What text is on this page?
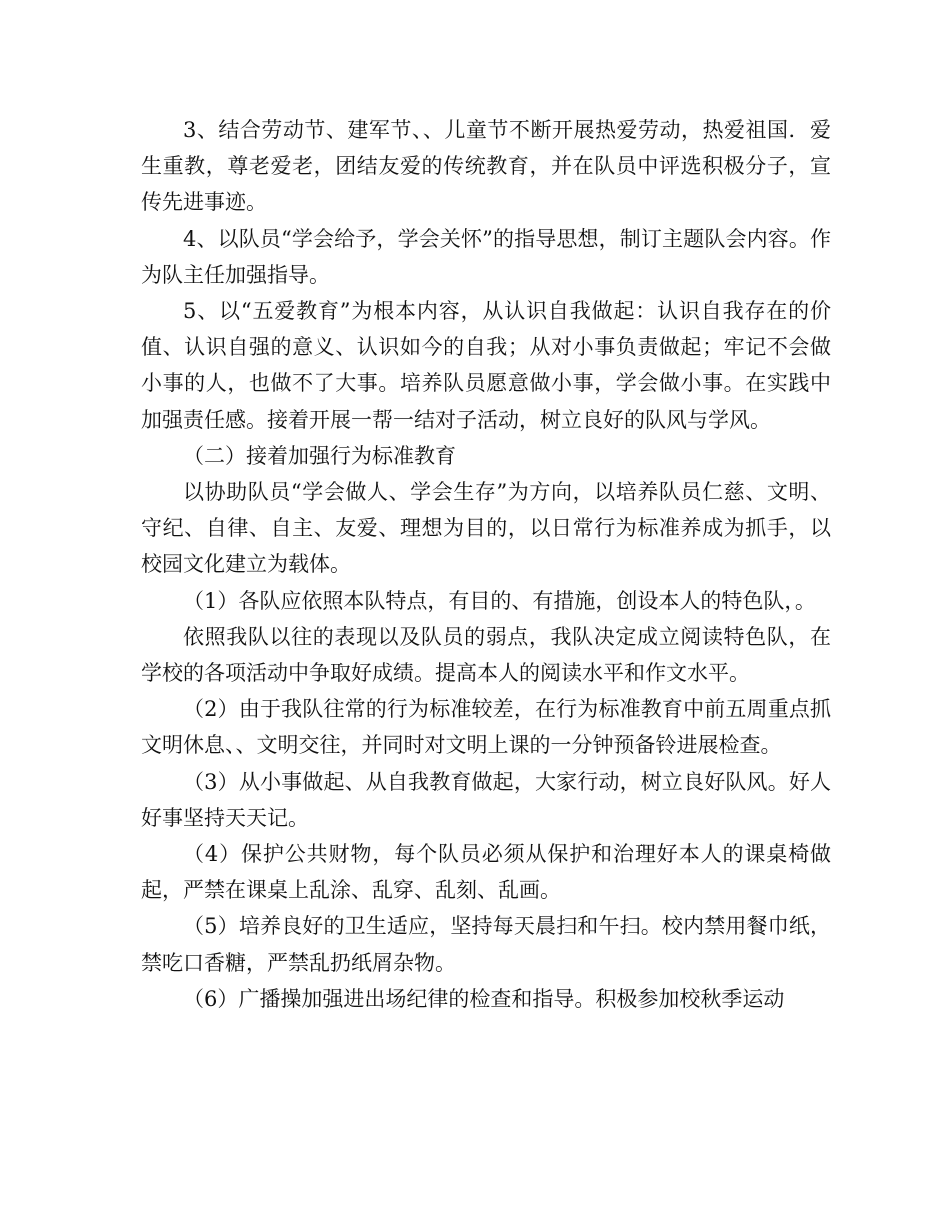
3、结合劳动节、建军节、、儿童节不断开展热爱劳动，热爱祖国．爱生重教，尊老爱老，团结友爱的传统教育，并在队员中评选积极分子，宣传先进事迹。

4、以队员“学会给予，学会关怀”的指导思想，制订主题队会内容。作为队主任加强指导。

5、以“五爱教育”为根本内容，从认识自我做起：认识自我存在的价值、认识自强的意义、认识如今的自我；从对小事负责做起；牢记不会做小事的人，也做不了大事。培养队员愿意做小事，学会做小事。在实践中加强责任感。接着开展一帮一结对子活动，树立良好的队风与学风。

（二）接着加强行为标准教育

以协助队员“学会做人、学会生存”为方向，以培养队员仁慈、文明、守纪、自律、自主、友爱、理想为目的，以日常行为标准养成为抓手，以校园文化建立为载体。

（1）各队应依照本队特点，有目的、有措施，创设本人的特色队，。

依照我队以往的表现以及队员的弱点，我队决定成立阅读特色队，在学校的各项活动中争取好成绩。提高本人的阅读水平和作文水平。

（2）由于我队往常的行为标准较差，在行为标准教育中前五周重点抓文明休息、、文明交往，并同时对文明上课的一分钟预备铃进展检查。

（3）从小事做起、从自我教育做起，大家行动，树立良好队风。好人好事坚持天天记。

（4）保护公共财物，每个队员必须从保护和治理好本人的课桌椅做起，严禁在课桌上乱涂、乱穿、乱刻、乱画。

（5）培养良好的卫生适应，坚持每天晨扫和午扫。校内禁用餐巾纸，禁吃口香糖，严禁乱扔纸屑杂物。

（6）广播操加强进出场纪律的检查和指导。积极参加校秋季运动
